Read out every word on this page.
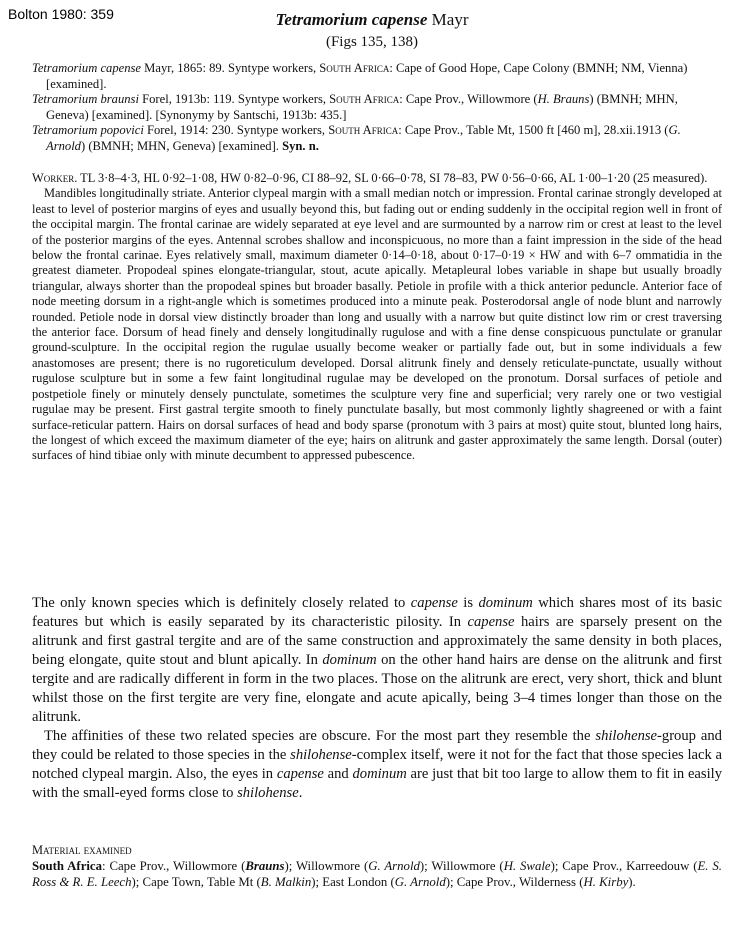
Bolton 1980: 359	Tetramorium capense Mayr
(Figs 135, 138)

Tetramorium capense Mayr, 1865: 89. Syntype workers, South Africa: Cape of Good Hope, Cape Colony (BMNH; NM, Vienna) [examined].

Tetramorium braunsi Forel, 1913b: 119. Syntype workers, South Africa: Cape Prov., Willowmore (H. Brauns) (BMNH; MHN, Geneva) [examined]. [Synonymy by Santschi, 1913b: 435.]

Tetramorium popovici Forel, 1914: 230. Syntype workers, South Africa: Cape Prov., Table Mt, 1500 ft [460 m], 28.xii.1913 (G. Arnold) (BMNH; MHN, Geneva) [examined]. Syn. n.

Worker. TL 3·8–4·3, HL 0·92–1·08, HW 0·82–0·96, CI 88–92, SL 0·66–0·78, SI 78–83, PW 0·56–0·66, AL 1·00–1·20 (25 measured).

Mandibles longitudinally striate. Anterior clypeal margin with a small median notch or impression. Frontal carinae strongly developed at least to level of posterior margins of eyes and usually beyond this, but fading out or ending suddenly in the occipital region well in front of the occipital margin. The frontal carinae are widely separated at eye level and are surmounted by a narrow rim or crest at least to the level of the posterior margins of the eyes. Antennal scrobes shallow and inconspicuous, no more than a faint impression in the side of the head below the frontal carinae. Eyes relatively small, maximum diameter 0·14–0·18, about 0·17–0·19 × HW and with 6–7 ommatidia in the greatest diameter. Propodeal spines elongate-triangular, stout, acute apically. Metapleural lobes variable in shape but usually broadly triangular, always shorter than the propodeal spines but broader basally. Petiole in profile with a thick anterior peduncle. Anterior face of node meeting dorsum in a right-angle which is sometimes produced into a minute peak. Posterodorsal angle of node blunt and narrowly rounded. Petiole node in dorsal view distinctly broader than long and usually with a narrow but quite distinct low rim or crest traversing the anterior face. Dorsum of head finely and densely longitudinally rugulose and with a fine dense conspicuous punctulate or granular ground-sculpture. In the occipital region the rugulae usually become weaker or partially fade out, but in some individuals a few anastomoses are present; there is no rugoreticulum developed. Dorsal alitrunk finely and densely reticulate-punctate, usually without rugulose sculpture but in some a few faint longitudinal rugulae may be developed on the pronotum. Dorsal surfaces of petiole and postpetiole finely or minutely densely punctulate, sometimes the sculpture very fine and superficial; very rarely one or two vestigial rugulae may be present. First gastral tergite smooth to finely punctulate basally, but most commonly lightly shagreened or with a faint surface-reticular pattern. Hairs on dorsal surfaces of head and body sparse (pronotum with 3 pairs at most) quite stout, blunted long hairs, the longest of which exceed the maximum diameter of the eye; hairs on alitrunk and gaster approximately the same length. Dorsal (outer) surfaces of hind tibiae only with minute decumbent to appressed pubescence.

The only known species which is definitely closely related to capense is dominum which shares most of its basic features but which is easily separated by its characteristic pilosity. In capense hairs are sparsely present on the alitrunk and first gastral tergite and are of the same construction and approximately the same density in both places, being elongate, quite stout and blunt apically. In dominum on the other hand hairs are dense on the alitrunk and first tergite and are radically different in form in the two places. Those on the alitrunk are erect, very short, thick and blunt whilst those on the first tergite are very fine, elongate and acute apically, being 3–4 times longer than those on the alitrunk.

The affinities of these two related species are obscure. For the most part they resemble the shilohense-group and they could be related to those species in the shilohense-complex itself, were it not for the fact that those species lack a notched clypeal margin. Also, the eyes in capense and dominum are just that bit too large to allow them to fit in easily with the small-eyed forms close to shilohense.

Material examined
South Africa: Cape Prov., Willowmore (Brauns); Willowmore (G. Arnold); Willowmore (H. Swale); Cape Prov., Karreedouw (E. S. Ross & R. E. Leech); Cape Town, Table Mt (B. Malkin); East London (G. Arnold); Cape Prov., Wilderness (H. Kirby).
